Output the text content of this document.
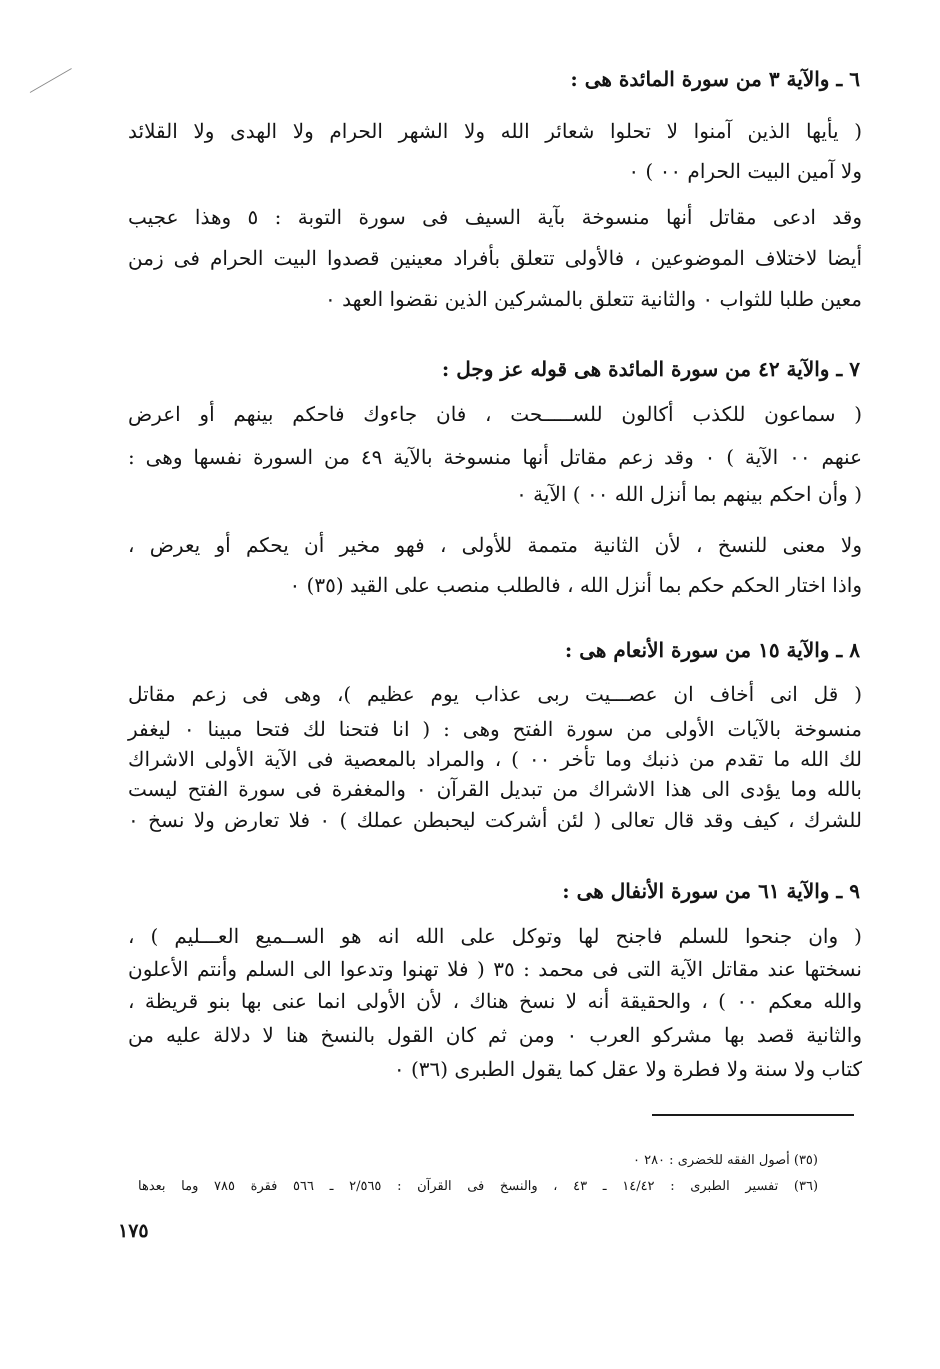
٦ ـ والآية ٣ من سورة المائدة هى :
( يأيها الذين آمنوا لا تحلوا شعائر الله ولا الشهر الحرام ولا الهدى ولا القلائد
ولا آمين البيت الحرام ٠٠ ) ٠
وقد ادعى مقاتل أنها منسوخة بآية السيف فى سورة التوبة : ٥ وهذا عجيب
أيضا لاختلاف الموضوعين ، فالأولى تتعلق بأفراد معينين قصدوا البيت الحرام فى زمن
معين طلبا للثواب ٠ والثانية تتعلق بالمشركين الذين نقضوا العهد ٠
٧ ـ والآية ٤٢ من سورة المائدة هى قوله عز وجل :
( سماعون للكذب أكالون للســـــحت ، فان جاءوك فاحكم بينهم أو اعرض
عنهم ٠٠ الآية ) ٠ وقد زعم مقاتل أنها منسوخة بالآية ٤٩ من السورة نفسها وهى :
( وأن احكم بينهم بما أنزل الله ٠٠ ) الآية ٠
ولا معنى للنسخ ، لأن الثانية متممة للأولى ، فهو مخير أن يحكم أو يعرض ،
واذا اختار الحكم حكم بما أنزل الله ، فالطلب منصب على القيد (٣٥) ٠
٨ ـ والآية ١٥ من سورة الأنعام هى :
( قل انى أخاف ان عصـــيت ربى عذاب يوم عظيم )، وهى فى زعم مقاتل
منسوخة بالآيات الأولى من سورة الفتح وهى : ( انا فتحنا لك فتحا مبينا ٠ ليغفر
لك الله ما تقدم من ذنبك وما تأخر ٠٠ ) ، والمراد بالمعصية فى الآية الأولى الاشراك
بالله وما يؤدى الى هذا الاشراك من تبديل القرآن ٠ والمغفرة فى سورة الفتح ليست
للشرك ، كيف وقد قال تعالى ( لئن أشركت ليحبطن عملك ) ٠ فلا تعارض ولا نسخ ٠
٩ ـ والآية ٦١ من سورة الأنفال هى :
( وان جنحوا للسلم فاجنح لها وتوكل على الله انه هو الســميع العـــليم ) ،
نسختها عند مقاتل الآية التى فى محمد : ٣٥ ( فلا تهنوا وتدعوا الى السلم وأنتم الأعلون
والله معكم ٠٠ ) ، والحقيقة أنه لا نسخ هناك ، لأن الأولى انما عنى بها بنو قريظة ،
والثانية قصد بها مشركو العرب ٠ ومن ثم كان القول بالنسخ هنا لا دلالة عليه من
كتاب ولا سنة ولا فطرة ولا عقل كما يقول الطبرى (٣٦) ٠
(٣٥) أصول الفقه للخضرى : ٢٨٠ ٠
(٣٦) تفسير الطبرى : ١٤/٤٢ ـ ٤٣ ، والنسخ فى القرآن : ٢/٥٦٥ ـ ٥٦٦ فقرة ٧٨٥ وما بعدها
١٧٥
